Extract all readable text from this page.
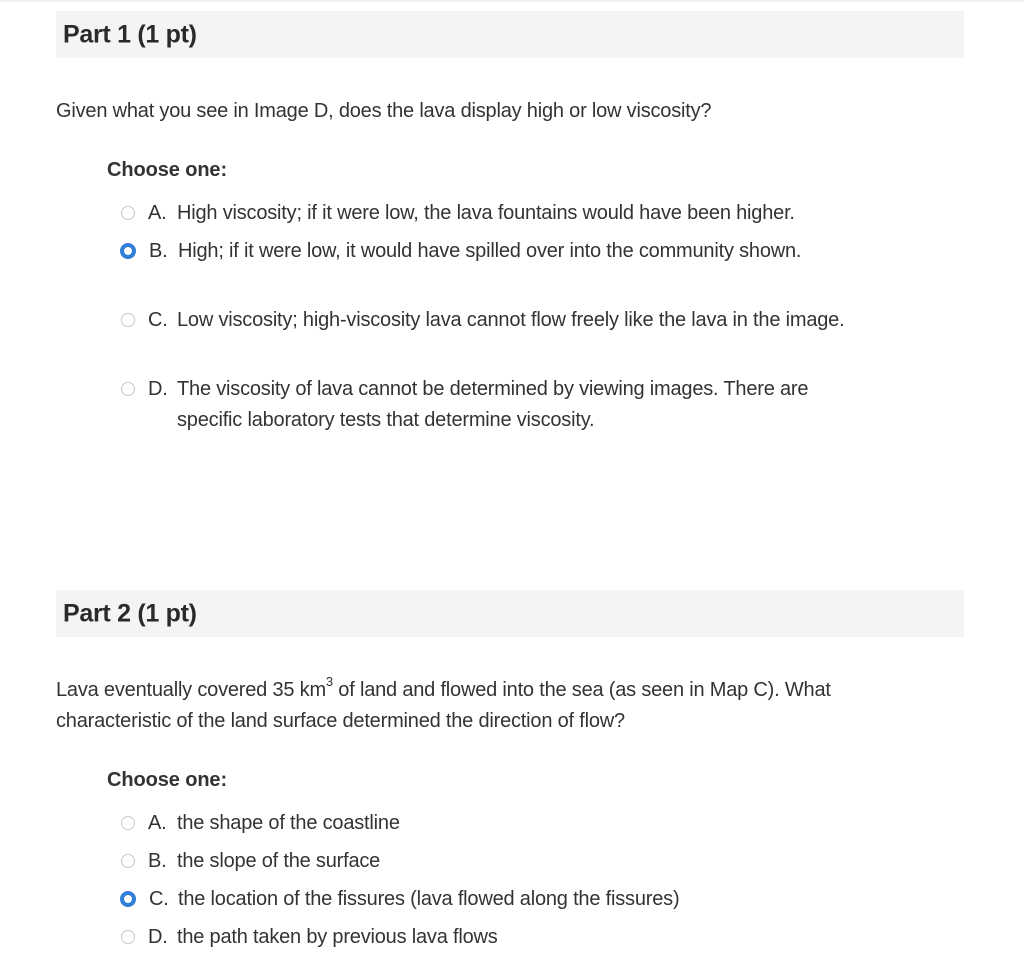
Part 1 (1 pt)
Given what you see in Image D, does the lava display high or low viscosity?
Choose one:
A. High viscosity; if it were low, the lava fountains would have been higher.
B. High; if it were low, it would have spilled over into the community shown.
C. Low viscosity; high-viscosity lava cannot flow freely like the lava in the image.
D. The viscosity of lava cannot be determined by viewing images. There are specific laboratory tests that determine viscosity.
Part 2 (1 pt)
Lava eventually covered 35 $km^3$ of land and flowed into the sea (as seen in Map C). What characteristic of the land surface determined the direction of flow?
Choose one:
A. the shape of the coastline
B. the slope of the surface
C. the location of the fissures (lava flowed along the fissures)
D. the path taken by previous lava flows
